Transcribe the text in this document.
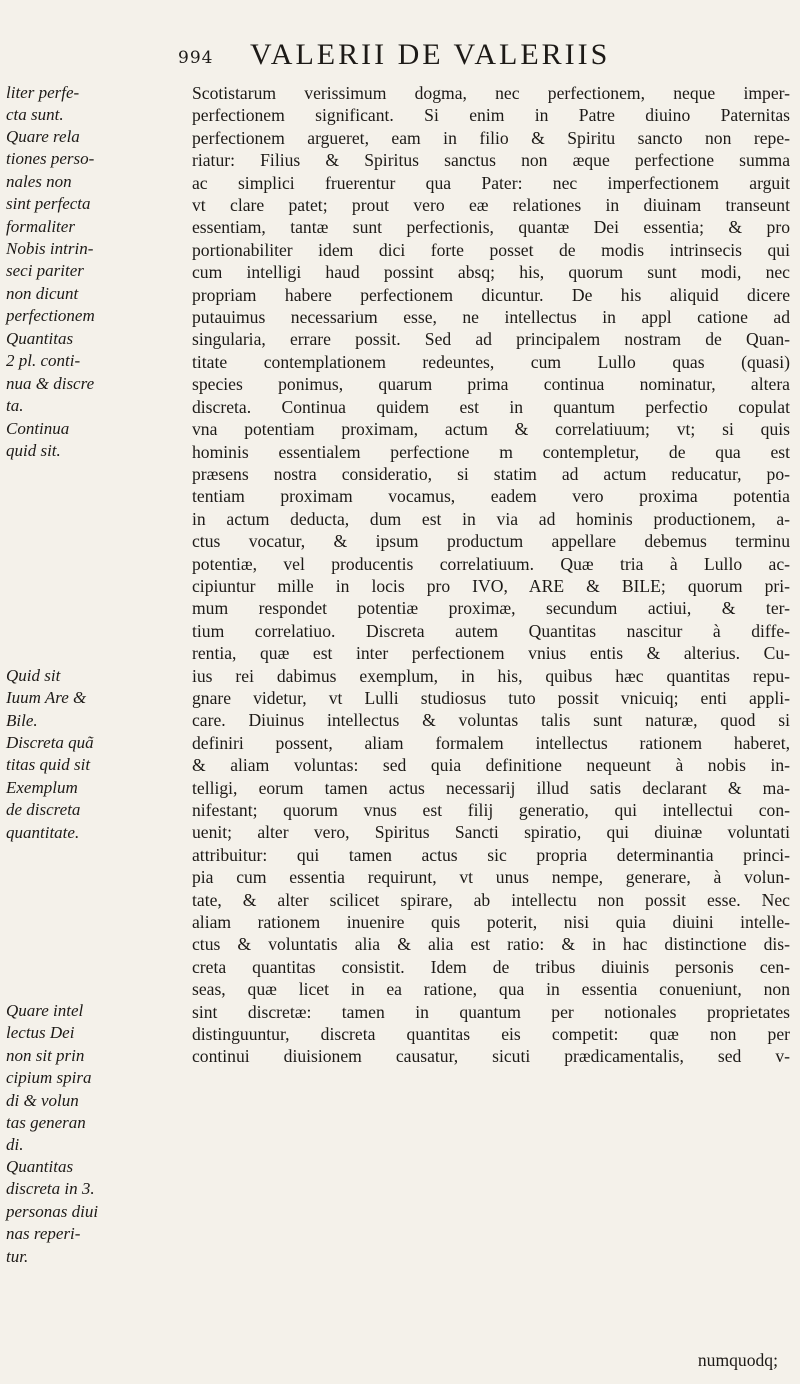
994 VALERII DE VALERIIS
liter perfe-
cta sunt.
Quare rela
tiones perso-
nales non
sint perfecta
formaliter
Nobis intrin-
seci pariter
non dicunt
perfectionem
Quantitas
2 pl. conti-
nua & discre
ta.
Continua
quid sit.
Quid sit
Iuum Are &
Bile.
Discreta quã
titas quid sit
Exemplum
de discreta
quantitate.
Quare intel
lectus Dei
non sit prin
cipium spira
di & volun
tas generan
di.
Quantitas
discreta in 3.
personas diui
nas reperi-
tur.
Scotistarum verissimum dogma, nec perfectionem, neque imper-
perfectionem significant. Si enim in Patre diuino Paternitas
perfectionem argueret, eam in filio & Spiritu sancto non repe-
riatur: Filius & Spiritus sanctus non æque perfectione summa
ac simplici fruerentur qua Pater: nec imperfectionem arguit
vt clare patet; prout vero eæ relationes in diuinam transeunt
essentiam, tantæ sunt perfectionis, quantæ Dei essentia; & pro
portionabiliter idem dici forte posset de modis intrinsecis qui
cum intelligi haud possint absq; his, quorum sunt modi, nec
propriam habere perfectionem dicuntur. De his aliquid dicere
putauimus necessarium esse, ne intellectus in appl catione ad
singularia, errare possit. Sed ad principalem nostram de Quan-
titate contemplationem redeuntes, cum Lullo quas (quasi)
species ponimus, quarum prima continua nominatur, altera
discreta. Continua quidem est in quantum perfectio copulat
vna potentiam proximam, actum & correlatiuum; vt; si quis
hominis essentialem perfectione m contempletur, de qua est
præsens nostra consideratio, si statim ad actum reducatur, po-
tentiam proximam vocamus, eadem vero proxima potentia
in actum deducta, dum est in via ad hominis productionem, a-
ctus vocatur, & ipsum productum appellare debemus terminu
potentiæ, vel producentis correlatiuum. Quæ tria à Lullo ac-
cipiuntur mille in locis pro IVO, ARE & BILE; quorum pri-
mum respondet potentiæ proximæ, secundum actiui, & ter-
tium correlatiuo. Discreta autem Quantitas nascitur à diffe-
rentia, quæ est inter perfectionem vnius entis & alterius. Cu-
ius rei dabimus exemplum, in his, quibus hæc quantitas repu-
gnare videtur, vt Lulli studiosus tuto possit vnicuiq; enti appli-
care. Diuinus intellectus & voluntas talis sunt naturæ, quod si
definiri possent, aliam formalem intellectus rationem haberet,
& aliam voluntas: sed quia definitione nequeunt à nobis in-
telligi, eorum tamen actus necessarij illud satis declarant & ma-
nifestant; quorum vnus est filij generatio, qui intellectui con-
uenit; alter vero, Spiritus Sancti spiratio, qui diuinæ voluntati
attribuitur: qui tamen actus sic propria determinantia princi-
pia cum essentia requirunt, vt unus nempe, generare, à volun-
tate, & alter scilicet spirare, ab intellectu non possit esse. Nec
aliam rationem inuenire quis poterit, nisi quia diuini intelle-
ctus & voluntatis alia & alia est ratio: & in hac distinctione dis-
creta quantitas consistit. Idem de tribus diuinis personis cen-
seas, quæ licet in ea ratione, qua in essentia conueniunt, non
sint discretæ: tamen in quantum per notionales proprietates
distinguuntur, discreta quantitas eis competit: quæ non per
continui diuisionem causatur, sicuti prædicamentalis, sed v-
numquodq;
